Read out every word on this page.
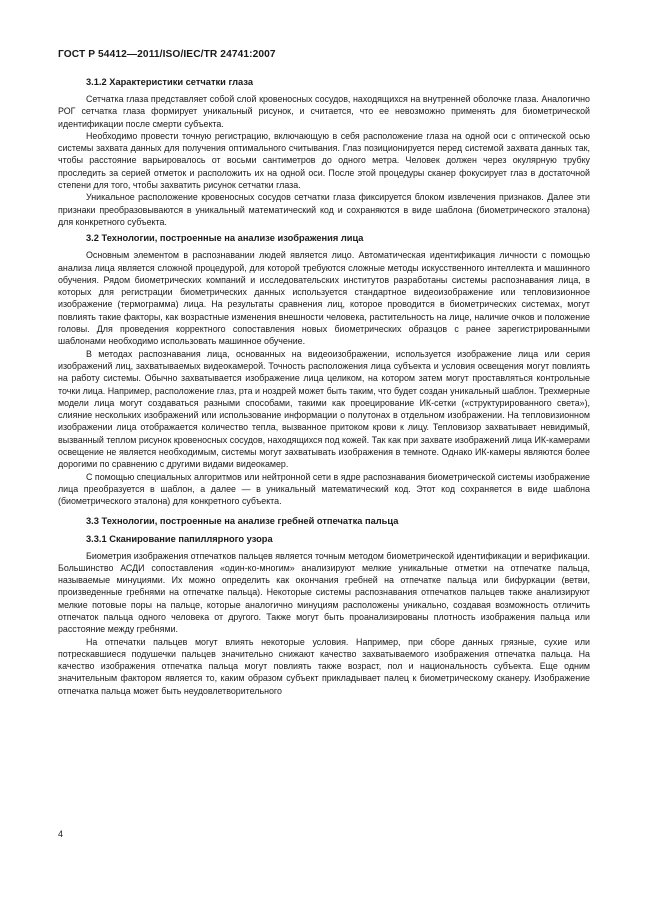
ГОСТ Р 54412—2011/ISO/IEC/TR 24741:2007
3.1.2 Характеристики сетчатки глаза

Сетчатка глаза представляет собой слой кровеносных сосудов, находящихся на внутренней оболочке глаза. Аналогично РОГ сетчатка глаза формирует уникальный рисунок, и считается, что ее невозможно применять для биометрической идентификации после смерти субъекта.

Необходимо провести точную регистрацию, включающую в себя расположение глаза на одной оси с оптической осью системы захвата данных для получения оптимального считывания. Глаз позиционируется перед системой захвата данных так, чтобы расстояние варьировалось от восьми сантиметров до одного метра. Человек должен через окулярную трубку проследить за серией отметок и расположить их на одной оси. После этой процедуры сканер фокусирует глаз в достаточной степени для того, чтобы захватить рисунок сетчатки глаза.

Уникальное расположение кровеносных сосудов сетчатки глаза фиксируется блоком извлечения признаков. Далее эти признаки преобразовываются в уникальный математический код и сохраняются в виде шаблона (биометрического эталона) для конкретного субъекта.

3.2 Технологии, построенные на анализе изображения лица

Основным элементом в распознавании людей является лицо. Автоматическая идентификация личности с помощью анализа лица является сложной процедурой, для которой требуются сложные методы искусственного интеллекта и машинного обучения. Рядом биометрических компаний и исследовательских институтов разработаны системы распознавания лица, в которых для регистрации биометрических данных используется стандартное видеоизображение или тепловизионное изображение (термограмма) лица. На результаты сравнения лиц, которое проводится в биометрических системах, могут повлиять такие факторы, как возрастные изменения внешности человека, растительность на лице, наличие очков и положение головы. Для проведения корректного сопоставления новых биометрических образцов с ранее зарегистрированными шаблонами необходимо использовать машинное обучение.

В методах распознавания лица, основанных на видеоизображении, используется изображение лица или серия изображений лиц, захватываемых видеокамерой. Точность расположения лица субъекта и условия освещения могут повлиять на работу системы. Обычно захватывается изображение лица целиком, на котором затем могут проставляться контрольные точки лица. Например, расположение глаз, рта и ноздрей может быть таким, что будет создан уникальный шаблон. Трехмерные модели лица могут создаваться разными способами, такими как проецирование ИК-сетки («структурированного света»), слияние нескольких изображений или использование информации о полутонах в отдельном изображении. На тепловизионном изображении лица отображается количество тепла, вызванное притоком крови к лицу. Тепловизор захватывает невидимый, вызванный теплом рисунок кровеносных сосудов, находящихся под кожей. Так как при захвате изображений лица ИК-камерами освещение не является необходимым, системы могут захватывать изображения в темноте. Однако ИК-камеры являются более дорогими по сравнению с другими видами видеокамер.

С помощью специальных алгоритмов или нейтронной сети в ядре распознавания биометрической системы изображение лица преобразуется в шаблон, а далее — в уникальный математический код. Этот код сохраняется в виде шаблона (биометрического эталона) для конкретного субъекта.

3.3 Технологии, построенные на анализе гребней отпечатка пальца
3.3.1 Сканирование папиллярного узора

Биометрия изображения отпечатков пальцев является точным методом биометрической идентификации и верификации. Большинство АСДИ сопоставления «один-ко-многим» анализируют мелкие уникальные отметки на отпечатке пальца, называемые минуциями. Их можно определить как окончания гребней на отпечатке пальца или бифуркации (ветви, произведенные гребнями на отпечатке пальца). Некоторые системы распознавания отпечатков пальцев также анализируют мелкие потовые поры на пальце, которые аналогично минуциям расположены уникально, создавая возможность отличить отпечаток пальца одного человека от другого. Также могут быть проанализированы плотность изображения пальца или расстояние между гребнями.

На отпечатки пальцев могут влиять некоторые условия. Например, при сборе данных грязные, сухие или потрескавшиеся подушечки пальцев значительно снижают качество захватываемого изображения отпечатка пальца. На качество изображения отпечатка пальца могут повлиять также возраст, пол и национальность субъекта. Еще одним значительным фактором является то, каким образом субъект прикладывает палец к биометрическому сканеру. Изображение отпечатка пальца может быть неудовлетворительного

4
